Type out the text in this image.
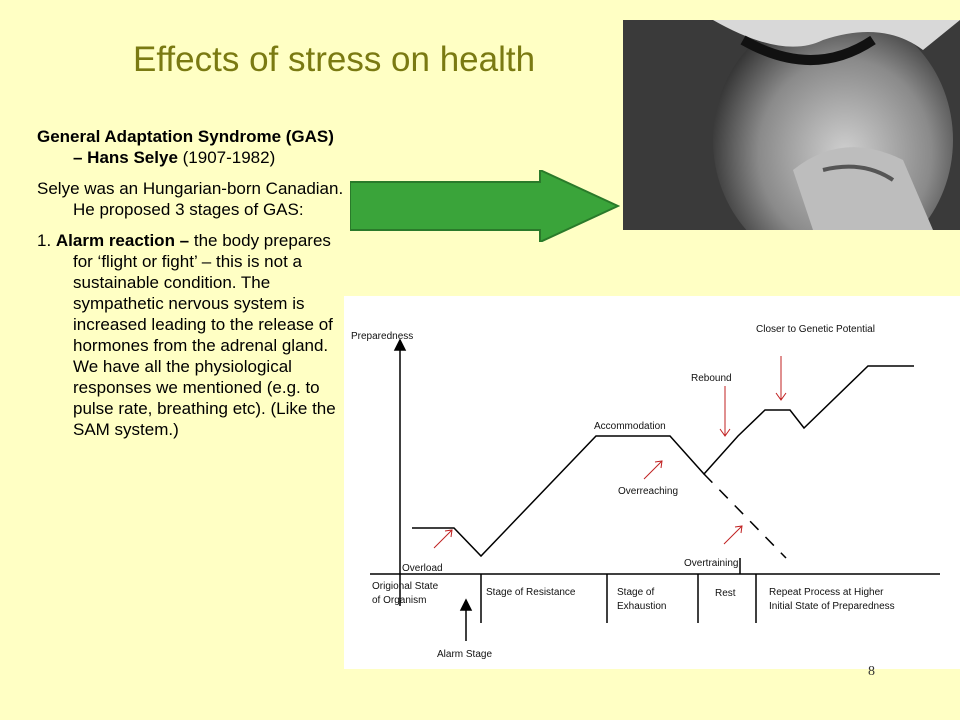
Effects of stress on health

General Adaptation Syndrome (GAS) – Hans Selye (1907-1982)

Selye was an Hungarian-born Canadian. He proposed 3 stages of GAS:

1. Alarm reaction – the body prepares for ‘flight or fight’ – this is not a sustainable condition. The sympathetic nervous system is increased leading to the release of hormones from the adrenal gland. We have all the physiological responses we mentioned (e.g. to pulse rate, breathing etc). (Like the SAM system.)

Preparedness
Closer to Genetic Potential
Rebound
Accommodation
Overreaching
Overtraining
Overload
Alarm Stage
Origional State
of Organism
Stage of Resistance	Stage of
Exhaustion
Rest	Repeat Process at Higher
Initial State of Preparedness
8
